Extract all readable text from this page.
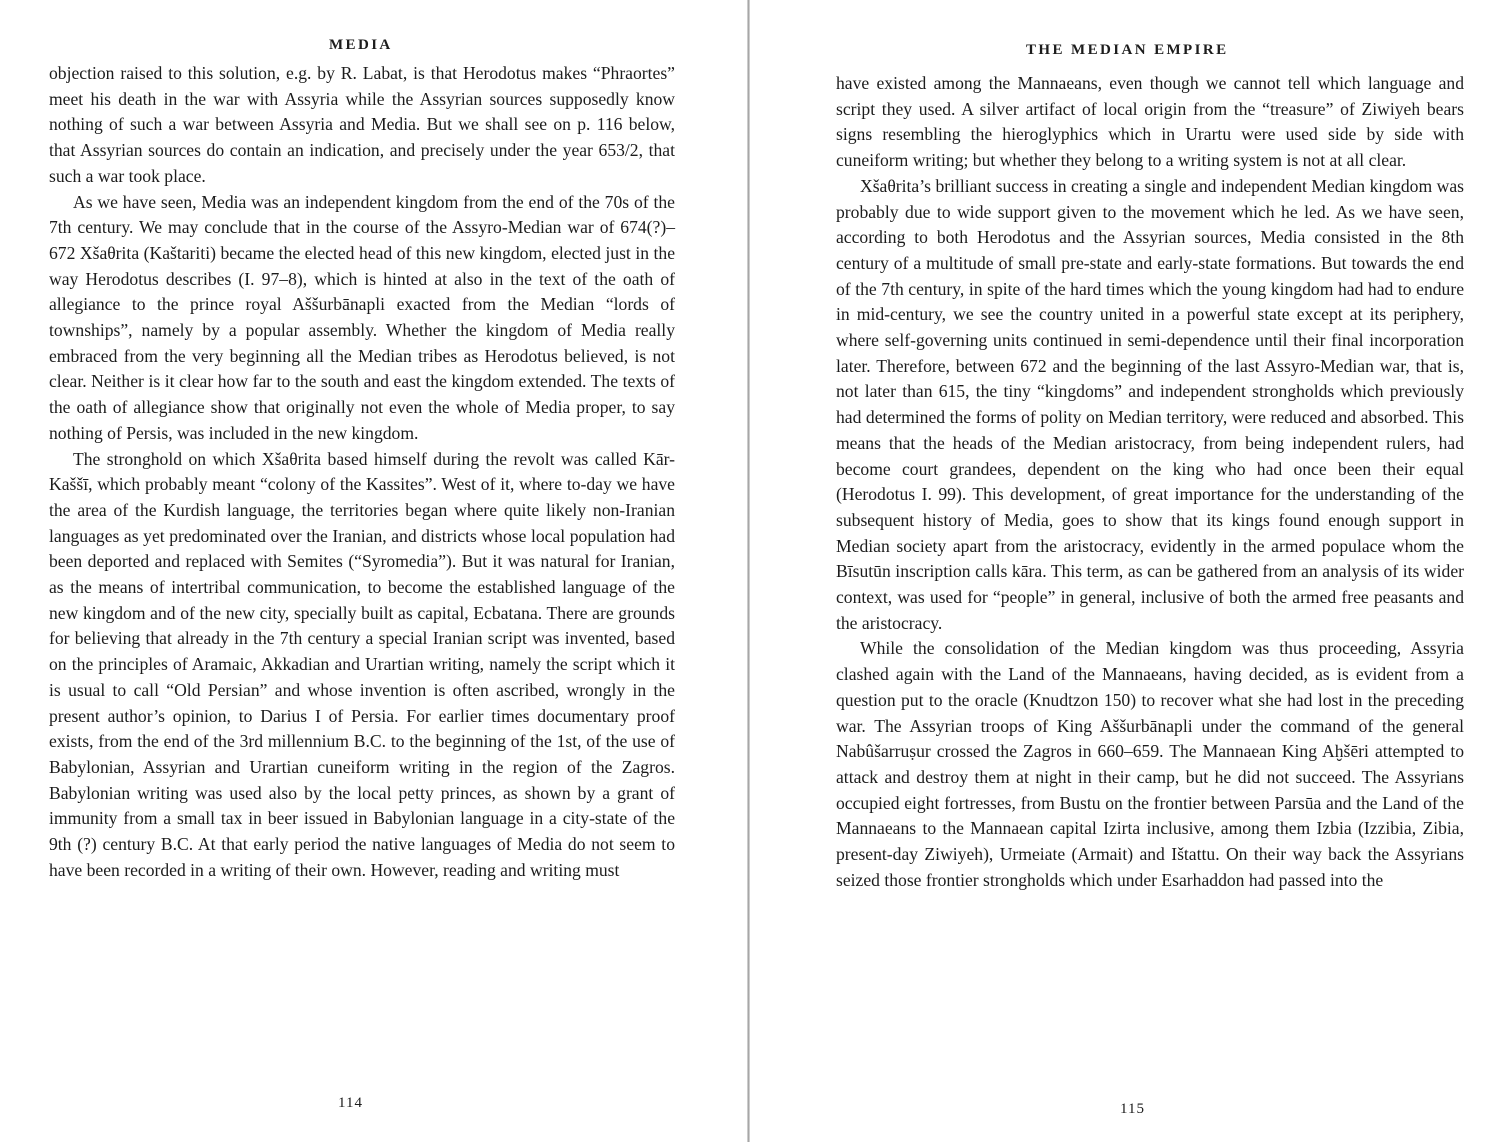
MEDIA

objection raised to this solution, e.g. by R. Labat, is that Herodotus makes “Phraortes” meet his death in the war with Assyria while the Assyrian sources supposedly know nothing of such a war between Assyria and Media. But we shall see on p. 116 below, that Assyrian sources do contain an indication, and precisely under the year 653/2, that such a war took place.

As we have seen, Media was an independent kingdom from the end of the 70s of the 7th century. We may conclude that in the course of the Assyro-Median war of 674(?)–672 Xšaθrita (Kaštariti) became the elected head of this new kingdom, elected just in the way Herodotus describes (I. 97–8), which is hinted at also in the text of the oath of allegiance to the prince royal Aššurbānapli exacted from the Median “lords of townships”, namely by a popular assembly. Whether the kingdom of Media really embraced from the very beginning all the Median tribes as Herodotus believed, is not clear. Neither is it clear how far to the south and east the kingdom extended. The texts of the oath of allegiance show that originally not even the whole of Media proper, to say nothing of Persis, was included in the new kingdom.

The stronghold on which Xšaθrita based himself during the revolt was called Kār-Kaššī, which probably meant “colony of the Kassites”. West of it, where to-day we have the area of the Kurdish language, the territories began where quite likely non-Iranian languages as yet predominated over the Iranian, and districts whose local population had been deported and replaced with Semites (“Syromedia”). But it was natural for Iranian, as the means of intertribal communication, to become the established language of the new kingdom and of the new city, specially built as capital, Ecbatana. There are grounds for believing that already in the 7th century a special Iranian script was invented, based on the principles of Aramaic, Akkadian and Urartian writing, namely the script which it is usual to call “Old Persian” and whose invention is often ascribed, wrongly in the present author’s opinion, to Darius I of Persia. For earlier times documentary proof exists, from the end of the 3rd millennium B.C. to the beginning of the 1st, of the use of Babylonian, Assyrian and Urartian cuneiform writing in the region of the Zagros. Babylonian writing was used also by the local petty princes, as shown by a grant of immunity from a small tax in beer issued in Babylonian language in a city-state of the 9th (?) century B.C. At that early period the native languages of Media do not seem to have been recorded in a writing of their own. However, reading and writing must

114
THE MEDIAN EMPIRE

have existed among the Mannaeans, even though we cannot tell which language and script they used. A silver artifact of local origin from the “treasure” of Ziwiyeh bears signs resembling the hieroglyphics which in Urartu were used side by side with cuneiform writing; but whether they belong to a writing system is not at all clear.

Xšaθrita’s brilliant success in creating a single and independent Median kingdom was probably due to wide support given to the movement which he led. As we have seen, according to both Herodotus and the Assyrian sources, Media consisted in the 8th century of a multitude of small pre-state and early-state formations. But towards the end of the 7th century, in spite of the hard times which the young kingdom had had to endure in mid-century, we see the country united in a powerful state except at its periphery, where self-governing units continued in semi-dependence until their final incorporation later. Therefore, between 672 and the beginning of the last Assyro-Median war, that is, not later than 615, the tiny “kingdoms” and independent strongholds which previously had determined the forms of polity on Median territory, were reduced and absorbed. This means that the heads of the Median aristocracy, from being independent rulers, had become court grandees, dependent on the king who had once been their equal (Herodotus I. 99). This development, of great importance for the understanding of the subsequent history of Media, goes to show that its kings found enough support in Median society apart from the aristocracy, evidently in the armed populace whom the Bīsutūn inscription calls kāra. This term, as can be gathered from an analysis of its wider context, was used for “people” in general, inclusive of both the armed free peasants and the aristocracy.

While the consolidation of the Median kingdom was thus proceeding, Assyria clashed again with the Land of the Mannaeans, having decided, as is evident from a question put to the oracle (Knudtzon 150) to recover what she had lost in the preceding war. The Assyrian troops of King Aššurbānapli under the command of the general Nabûšarruṣur crossed the Zagros in 660–659. The Mannaean King Aḫšēri attempted to attack and destroy them at night in their camp, but he did not succeed. The Assyrians occupied eight fortresses, from Bustu on the frontier between Parsūa and the Land of the Mannaeans to the Mannaean capital Izirta inclusive, among them Izbia (Izzibia, Zibia, present-day Ziwiyeh), Urmeiate (Armait) and Ištattu. On their way back the Assyrians seized those frontier strongholds which under Esarhaddon had passed into the

115
